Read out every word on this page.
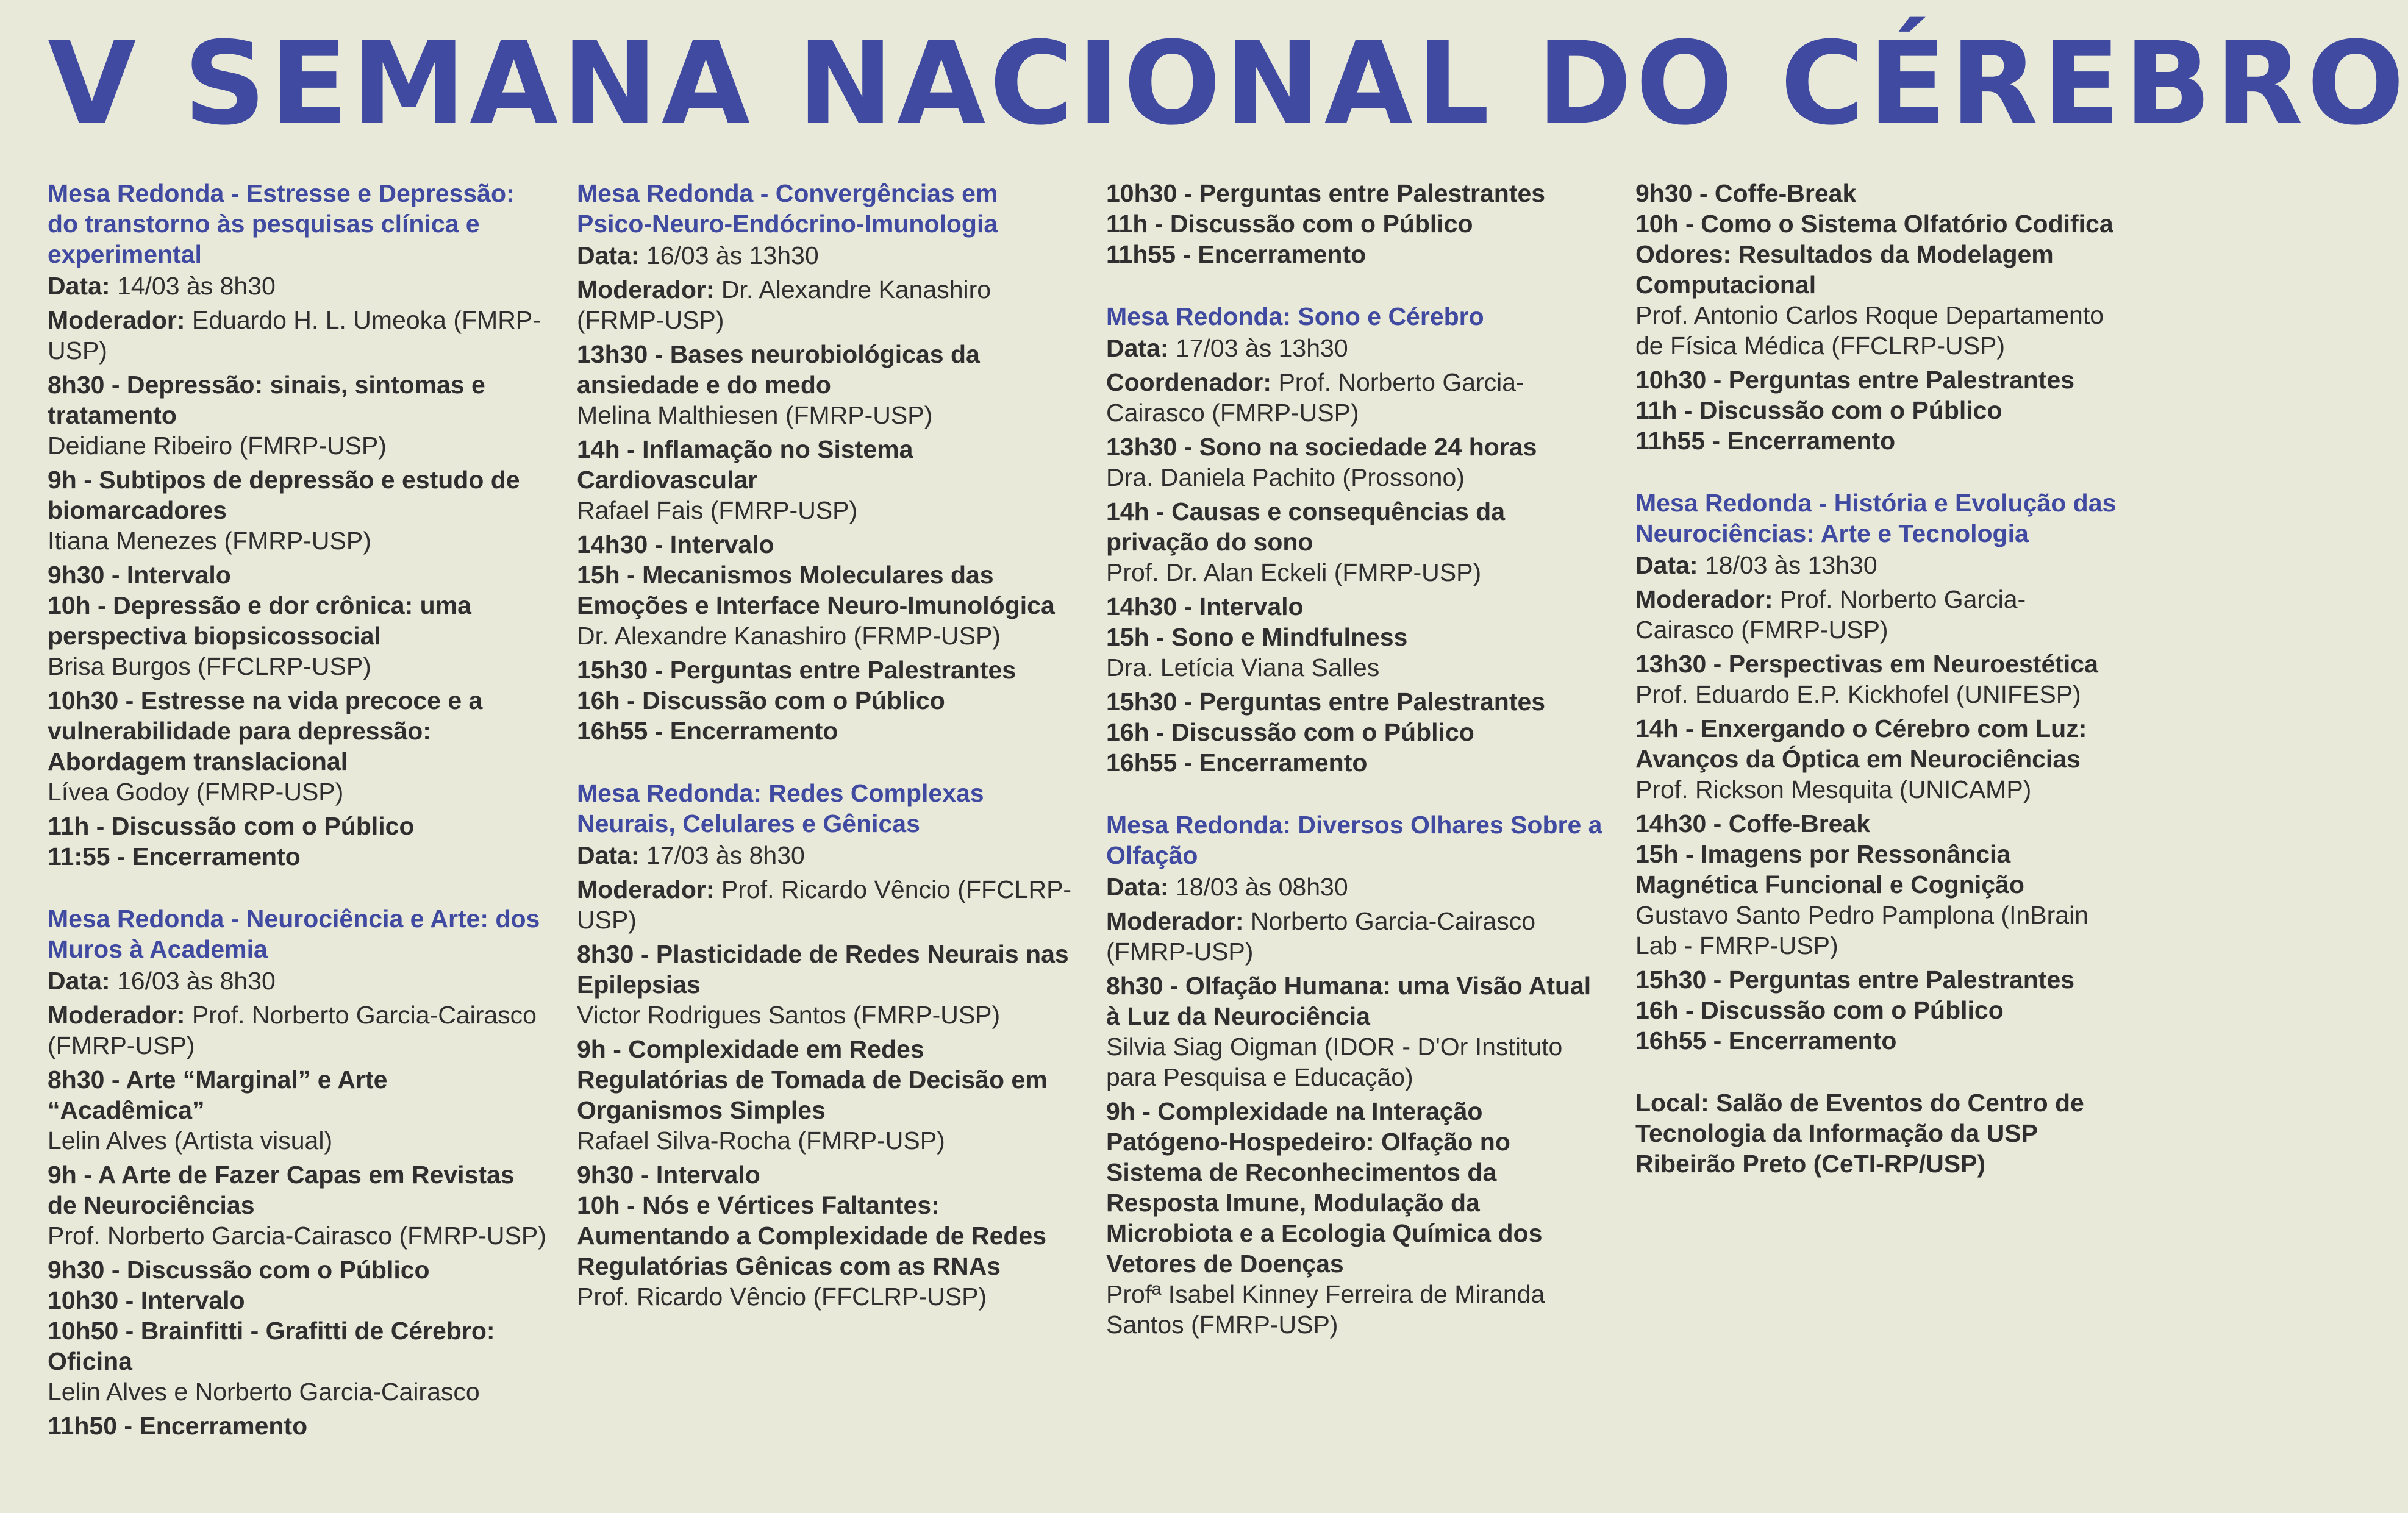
V SEMANA NACIONAL DO CÉREBRO
Mesa Redonda - Estresse e Depressão: do transtorno às pesquisas clínica e experimental
Data: 14/03 às 8h30
Moderador: Eduardo H. L. Umeoka (FMRP-USP)
8h30 - Depressão: sinais, sintomas e tratamento
Deidiane Ribeiro (FMRP-USP)
9h - Subtipos de depressão e estudo de biomarcadores
Itiana Menezes (FMRP-USP)
9h30 - Intervalo
10h - Depressão e dor crônica: uma perspectiva biopsicossocial
Brisa Burgos (FFCLRP-USP)
10h30 - Estresse na vida precoce e a vulnerabilidade para depressão: Abordagem translacional
Lívea Godoy (FMRP-USP)
11h - Discussão com o Público
11:55 - Encerramento
Mesa Redonda - Neurociência e Arte: dos Muros à Academia
Data: 16/03 às 8h30
Moderador: Prof. Norberto Garcia-Cairasco (FMRP-USP)
8h30 - Arte “Marginal” e Arte “Acadêmica”
Lelin Alves (Artista visual)
9h - A Arte de Fazer Capas em Revistas de Neurociências
Prof. Norberto Garcia-Cairasco (FMRP-USP)
9h30 - Discussão com o Público
10h30 - Intervalo
10h50 - Brainfitti - Grafitti de Cérebro: Oficina
Lelin Alves e Norberto Garcia-Cairasco
11h50 - Encerramento
Mesa Redonda - Convergências em Psico-Neuro-Endócrino-Imunologia
Data: 16/03 às 13h30
Moderador: Dr. Alexandre Kanashiro (FRMP-USP)
13h30 - Bases neurobiológicas da ansiedade e do medo
Melina Malthiesen (FMRP-USP)
14h - Inflamação no Sistema Cardiovascular
Rafael Fais (FMRP-USP)
14h30 - Intervalo
15h - Mecanismos Moleculares das Emoções e Interface Neuro-Imunológica
Dr. Alexandre Kanashiro (FRMP-USP)
15h30 - Perguntas entre Palestrantes
16h - Discussão com o Público
16h55 - Encerramento
Mesa Redonda: Redes Complexas Neurais, Celulares e Gênicas
Data: 17/03 às 8h30
Moderador: Prof. Ricardo Vêncio (FFCLRP-USP)
8h30 - Plasticidade de Redes Neurais nas Epilepsias
Victor Rodrigues Santos (FMRP-USP)
9h - Complexidade em Redes Regulatórias de Tomada de Decisão em Organismos Simples
Rafael Silva-Rocha (FMRP-USP)
9h30 - Intervalo
10h - Nós e Vértices Faltantes: Aumentando a Complexidade de Redes Regulatórias Gênicas com as RNAs
Prof. Ricardo Vêncio (FFCLRP-USP)
10h30 - Perguntas entre Palestrantes
11h - Discussão com o Público
11h55 - Encerramento
Mesa Redonda: Sono e Cérebro
Data: 17/03 às 13h30
Coordenador: Prof. Norberto Garcia-Cairasco (FMRP-USP)
13h30 - Sono na sociedade 24 horas
Dra. Daniela Pachito (Prossono)
14h - Causas e consequências da privação do sono
Prof. Dr. Alan Eckeli (FMRP-USP)
14h30 - Intervalo
15h - Sono e Mindfulness
Dra. Letícia Viana Salles
15h30 - Perguntas entre Palestrantes
16h - Discussão com o Público
16h55 - Encerramento
Mesa Redonda: Diversos Olhares Sobre a Olfação
Data: 18/03 às 08h30
Moderador: Norberto Garcia-Cairasco (FMRP-USP)
8h30 - Olfação Humana: uma Visão Atual à Luz da Neurociência
Silvia Siag Oigman (IDOR - D'Or Instituto para Pesquisa e Educação)
9h - Complexidade na Interação Patógeno-Hospedeiro: Olfação no Sistema de Reconhecimentos da Resposta Imune, Modulação da Microbiota e a Ecologia Química dos Vetores de Doenças
Profª Isabel Kinney Ferreira de Miranda Santos (FMRP-USP)
9h30 - Coffe-Break
10h - Como o Sistema Olfatório Codifica Odores: Resultados da Modelagem Computacional
Prof. Antonio Carlos Roque Departamento de Física Médica (FFCLRP-USP)
10h30 - Perguntas entre Palestrantes
11h - Discussão com o Público
11h55 - Encerramento
Mesa Redonda - História e Evolução das Neurociências: Arte e Tecnologia
Data: 18/03 às 13h30
Moderador: Prof. Norberto Garcia-Cairasco (FMRP-USP)
13h30 - Perspectivas em Neuroestética
Prof. Eduardo E.P. Kickhofel (UNIFESP)
14h - Enxergando o Cérebro com Luz: Avanços da Óptica em Neurociências
Prof. Rickson Mesquita (UNICAMP)
14h30 - Coffe-Break
15h - Imagens por Ressonância Magnética Funcional e Cognição
Gustavo Santo Pedro Pamplona (InBrain Lab - FMRP-USP)
15h30 - Perguntas entre Palestrantes
16h - Discussão com o Público
16h55 - Encerramento
Local: Salão de Eventos do Centro de Tecnologia da Informação da USP Ribeirão Preto (CeTI-RP/USP)
